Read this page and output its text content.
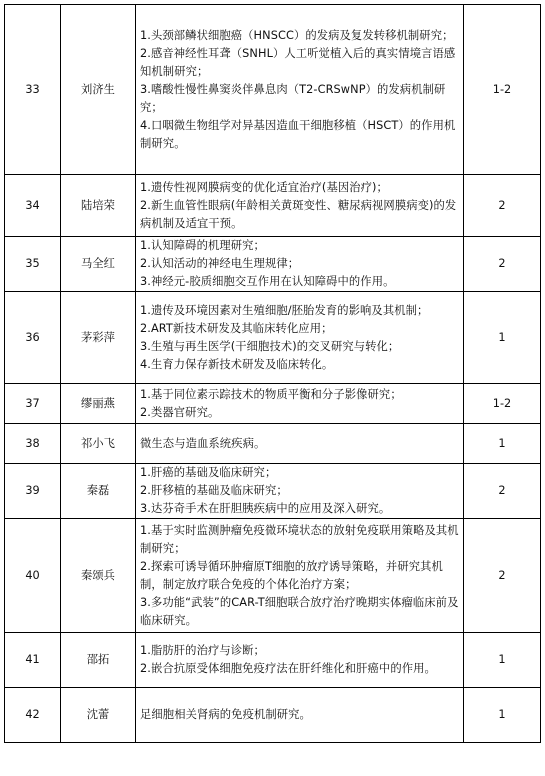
33	刘济生	1.头颈部鳞状细胞癌（HNSCC）的发病及复发转移机制研究；
2.感音神经性耳聋（SNHL）人工听觉植入后的真实情境言语感知机制研究；
3.嗜酸性慢性鼻窦炎伴鼻息肉（T2-CRSwNP）的发病机制研究；
4.口咽微生物组学对异基因造血干细胞移植（HSCT）的作用机制研究。	1-2
34	陆培荣	1.遗传性视网膜病变的优化适宜治疗(基因治疗)；
2.新生血管性眼病(年龄相关黄斑变性、糖尿病视网膜病变)的发病机制及适宜干预。	2
35	马全红	1.认知障碍的机理研究；
2.认知活动的神经电生理规律；
3.神经元-胶质细胞交互作用在认知障碍中的作用。	2
36	茅彩萍	1.遗传及环境因素对生殖细胞/胚胎发育的影响及其机制；
2.ART新技术研发及其临床转化应用；
3.生殖与再生医学(干细胞技术)的交叉研究与转化；
4.生育力保存新技术研发及临床转化。	1
37	缪丽燕	1.基于同位素示踪技术的物质平衡和分子影像研究；
2.类器官研究。	1-2
38	祁小飞	微生态与造血系统疾病。	1
39	秦磊	1.肝癌的基础及临床研究；
2.肝移植的基础及临床研究；
3.达芬奇手术在肝胆胰疾病中的应用及深入研究。	2
40	秦颂兵	1.基于实时监测肿瘤免疫微环境状态的放射免疫联用策略及其机制研究；
2.探索可诱导循环肿瘤原T细胞的放疗诱导策略，并研究其机制，制定放疗联合免疫的个体化治疗方案；
3.多功能“武装”的CAR-T细胞联合放疗治疗晚期实体瘤临床前及临床研究。	2
41	邵拓	1.脂肪肝的治疗与诊断；
2.嵌合抗原受体细胞免疫疗法在肝纤维化和肝癌中的作用。	1
42	沈蕾	足细胞相关肾病的免疫机制研究。	1
